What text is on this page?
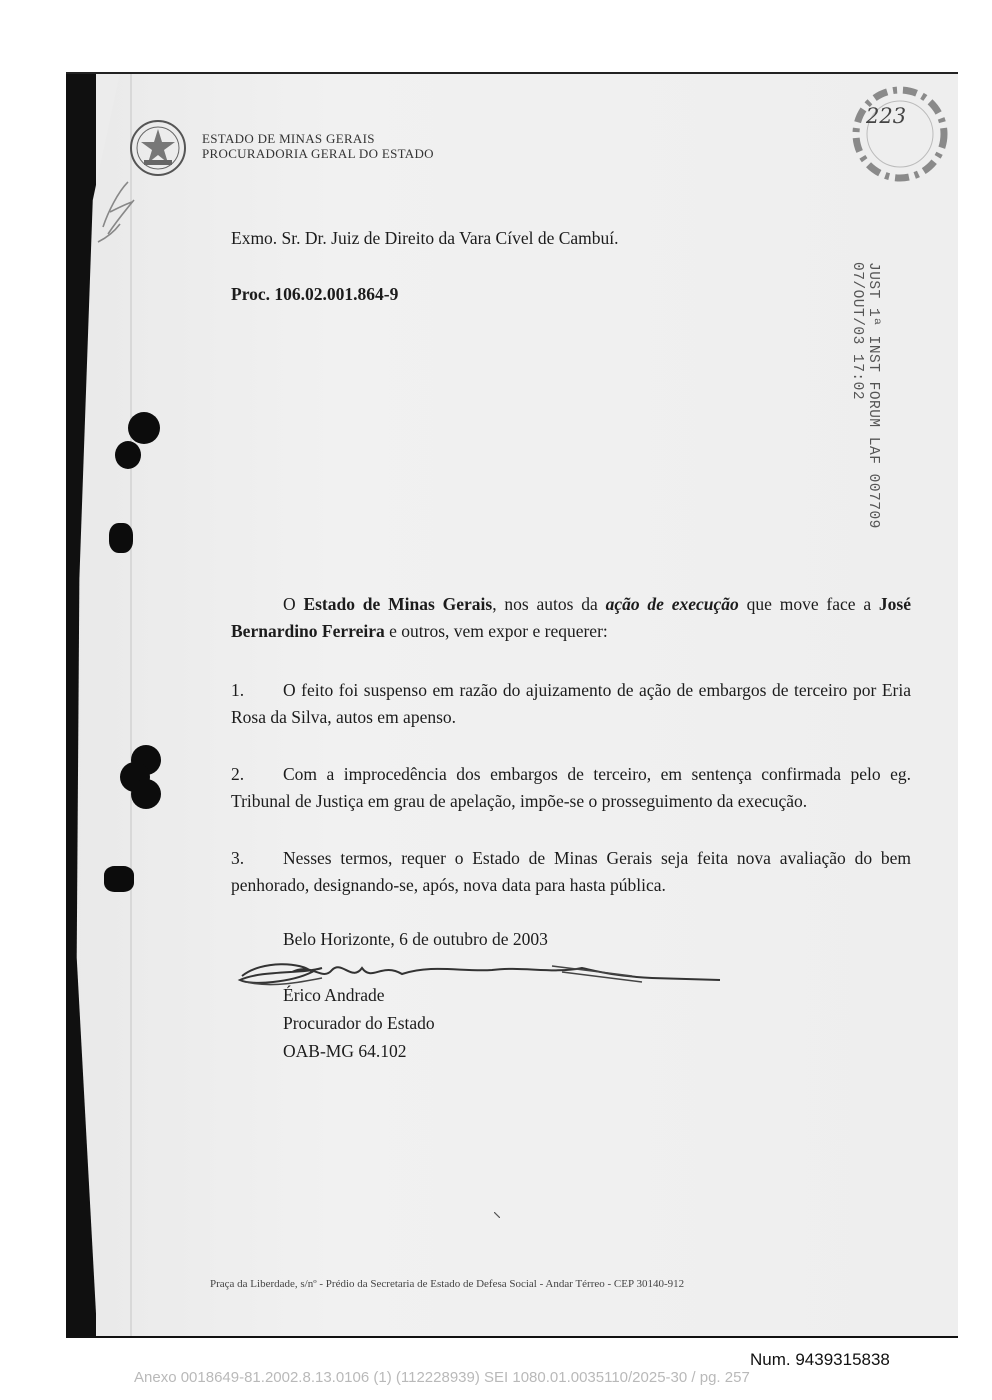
ESTADO DE MINAS GERAIS
PROCURADORIA GERAL DO ESTADO
223
JUST 1ª INST FORUM LAF 007709 07/OUT/03 17:02
Exmo. Sr. Dr. Juiz de Direito da Vara Cível de Cambuí.
Proc. 106.02.001.864-9
O Estado de Minas Gerais, nos autos da ação de execução que move face a José Bernardino Ferreira e outros, vem expor e requerer:
1. O feito foi suspenso em razão do ajuizamento de ação de embargos de terceiro por Eria Rosa da Silva, autos em apenso.
2. Com a improcedência dos embargos de terceiro, em sentença confirmada pelo eg. Tribunal de Justiça em grau de apelação, impõe-se o prosseguimento da execução.
3. Nesses termos, requer o Estado de Minas Gerais seja feita nova avaliação do bem penhorado, designando-se, após, nova data para hasta pública.
Belo Horizonte, 6 de outubro de 2003
Érico Andrade
Procurador do Estado
OAB-MG 64.102
Praça da Liberdade, s/nº - Prédio da Secretaria de Estado de Defesa Social - Andar Térreo - CEP 30140-912
Num. 9439315838
Anexo 0018649-81.2002.8.13.0106 (1) (112228939) SEI 1080.01.0035110/2025-30 / pg. 257
